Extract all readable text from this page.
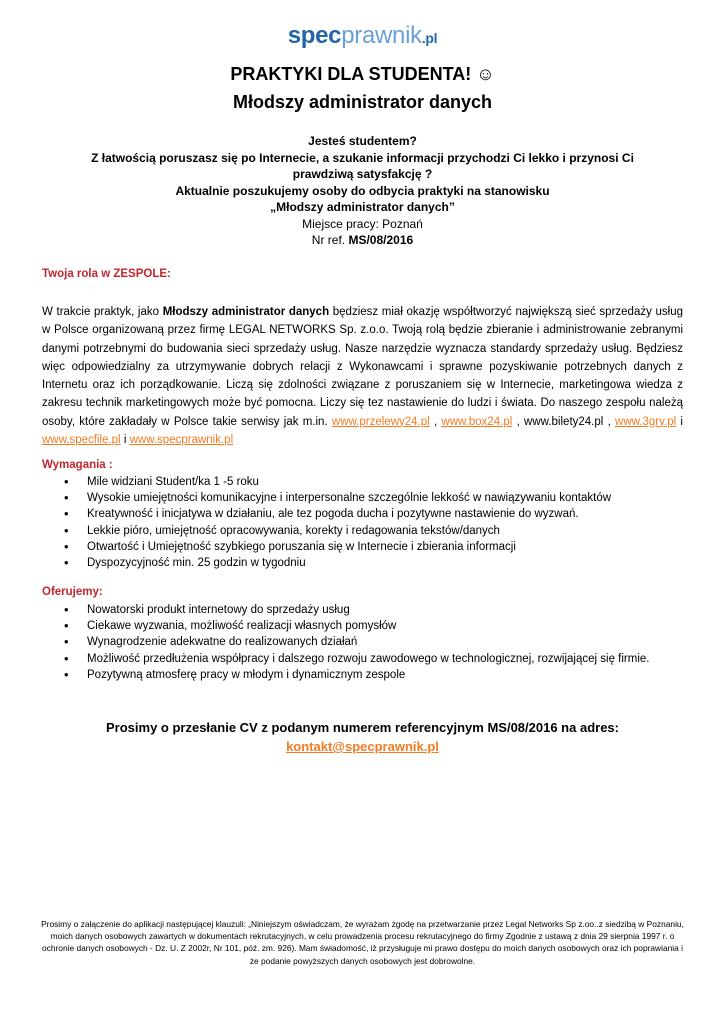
specprawnik.pl
PRAKTYKI DLA STUDENTA! ☺
Młodszy administrator danych
Jesteś studentem?
Z łatwością poruszasz się po Internecie, a szukanie informacji przychodzi Ci lekko i przynosi Ci prawdziwą satysfakcję ?
Aktualnie poszukujemy osoby do odbycia praktyki na stanowisku
„Młodszy administrator danych”
Miejsce pracy: Poznań
Nr ref. MS/08/2016
Twoja rola w ZESPOLE:
W trakcie praktyk, jako Młodszy administrator danych będziesz miał okazję współtworzyć największą sieć sprzedaży usług w Polsce organizowaną przez firmę LEGAL NETWORKS Sp. z.o.o. Twoją rolą będzie zbieranie i administrowanie zebranymi danymi potrzebnymi do budowania sieci sprzedaży usług. Nasze narzędzie wyznacza standardy sprzedaży usług. Będziesz więc odpowiedzialny za utrzymywanie dobrych relacji z Wykonawcami i sprawne pozyskiwanie potrzebnych danych z Internetu oraz ich porządkowanie. Liczą się zdolności związane z poruszaniem się w Internecie, marketingowa wiedza z zakresu technik marketingowych może być pomocna. Liczy się tez nastawienie do ludzi i świata. Do naszego zespołu należą osoby, które zakładały w Polsce takie serwisy jak m.in. www.przelewy24.pl , www.box24.pl , www.bilety24.pl , www.3gry.pl i www.specfile.pl i www.specprawnik.pl
Wymagania :
• Mile widziani Student/ka 1 -5 roku
• Wysokie umiejętności komunikacyjne i interpersonalne szczególnie lekkość w nawiązywaniu kontaktów
• Kreatywność i inicjatywa w działaniu, ale tez pogoda ducha i pozytywne nastawienie do wyzwań.
• Lekkie pióro, umiejętność opracowywania, korekty i redagowania tekstów/danych
• Otwartość i Umiejętność szybkiego poruszania się w Internecie i zbierania informacji
• Dyspozycyjność min. 25 godzin w tygodniu
Oferujemy:
• Nowatorski produkt internetowy do sprzedaży usług
• Ciekawe wyzwania, możliwość realizacji własnych pomysłów
• Wynagrodzenie adekwatne do realizowanych działań
• Możliwość przedłużenia współpracy i dalszego rozwoju zawodowego w technologicznej, rozwijającej się firmie.
• Pozytywną atmosferę pracy w młodym i dynamicznym zespole
Prosimy o przesłanie CV z podanym numerem referencyjnym MS/08/2016 na adres:
kontakt@specprawnik.pl
Prosimy o załączenie do aplikacji następującej klauzuli: „Niniejszym oświadczam, że wyrażam zgodę na przetwarzanie przez Legal Networks Sp z.oo..z siedzibą w Poznaniu, moich danych osobowych zawartych w dokumentach rekrutacyjnych, w celu prowadzenia procesu rekrutacyjnego do firmy Zgodnie z ustawą z dnia 29 sierpnia 1997 r. o ochronie danych osobowych - Dz. U. Z 2002r, Nr 101, póź. zm. 926). Mam świadomość, iż przysługuje mi prawo dostępu do moich danych osobowych oraz ich poprawiania i że podanie powyższych danych osobowych jest dobrowolne.
